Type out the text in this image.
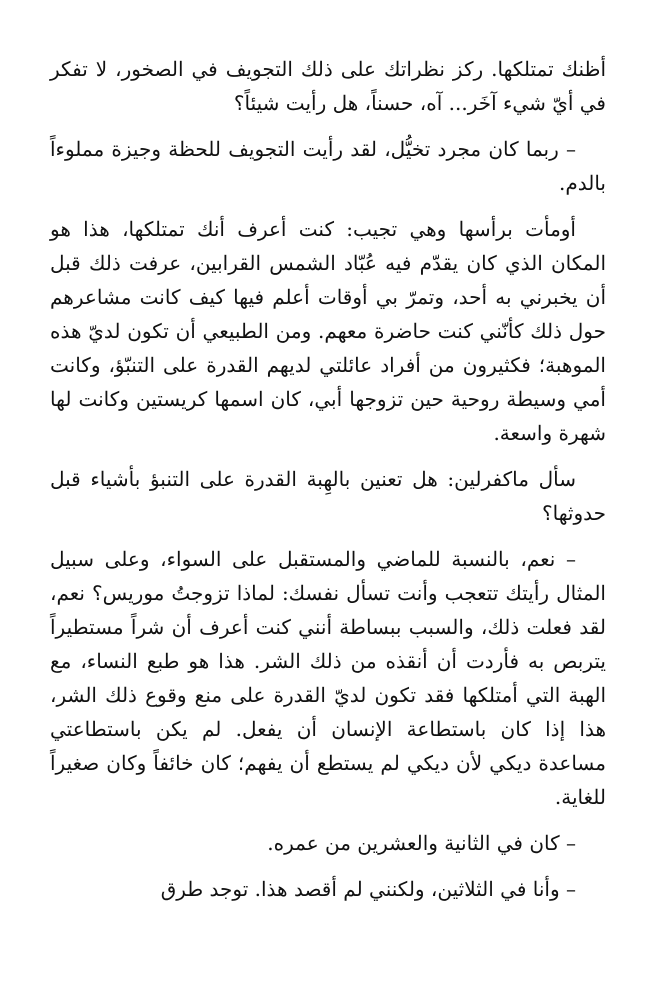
أظنك تمتلكها. ركز نظراتك على ذلك التجويف في الصخور، لا تفكر في أيّ شيء آخَر... آه، حسناً، هل رأيت شيئاً؟

– ربما كان مجرد تخيُّل، لقد رأيت التجويف للحظة وجيزة مملوءاً بالدم.

أومأت برأسها وهي تجيب: كنت أعرف أنك تمتلكها، هذا هو المكان الذي كان يقدّم فيه عُبّاد الشمس القرابين، عرفت ذلك قبل أن يخبرني به أحد، وتمرّ بي أوقات أعلم فيها كيف كانت مشاعرهم حول ذلك كأنّني كنت حاضرة معهم. ومن الطبيعي أن تكون لديّ هذه الموهبة؛ فكثيرون من أفراد عائلتي لديهم القدرة على التنبّؤ، وكانت أمي وسيطة روحية حين تزوجها أبي، كان اسمها كريستين وكانت لها شهرة واسعة.

سأل ماكفرلين: هل تعنين بالهِبة القدرة على التنبؤ بأشياء قبل حدوثها؟

– نعم، بالنسبة للماضي والمستقبل على السواء، وعلى سبيل المثال رأيتك تتعجب وأنت تسأل نفسك: لماذا تزوجتُ موريس؟ نعم، لقد فعلت ذلك، والسبب ببساطة أنني كنت أعرف أن شراً مستطيراً يتربص به فأردت أن أنقذه من ذلك الشر. هذا هو طبع النساء، مع الهبة التي أمتلكها فقد تكون لديّ القدرة على منع وقوع ذلك الشر، هذا إذا كان باستطاعة الإنسان أن يفعل. لم يكن باستطاعتي مساعدة ديكي لأن ديكي لم يستطع أن يفهم؛ كان خائفاً وكان صغيراً للغاية.

– كان في الثانية والعشرين من عمره.

– وأنا في الثلاثين، ولكنني لم أقصد هذا. توجد طرق
